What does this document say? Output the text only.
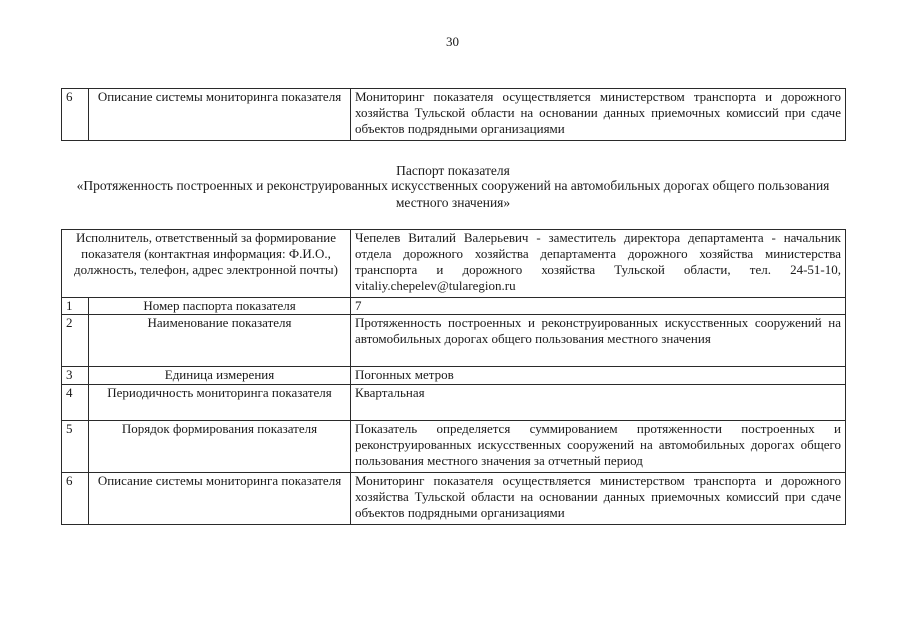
30
6	Описание системы мониторинга показателя	Мониторинг показателя осуществляется министерством транспорта и дорожного хозяйства Тульской области на основании данных приемочных комиссий при сдаче объектов подрядными организациями
Паспорт показателя
«Протяженность построенных и реконструированных искусственных сооружений на автомобильных дорогах общего пользования местного значения»
Исполнитель, ответственный за формирование показателя (контактная информация: Ф.И.О., должность, телефон, адрес электронной почты)		Чепелев Виталий Валерьевич - заместитель директора департамента - начальник отдела дорожного хозяйства департамента дорожного хозяйства министерства транспорта и дорожного хозяйства Тульской области, тел. 24-51-10, vitaliy.chepelev@tularegion.ru
1	Номер паспорта показателя	7
2	Наименование показателя	Протяженность построенных и реконструированных искусственных сооружений на автомобильных дорогах общего пользования местного значения
3	Единица измерения	Погонных метров
4	Периодичность мониторинга показателя	Квартальная
5	Порядок формирования показателя	Показатель определяется суммированием протяженности построенных и реконструированных искусственных сооружений на автомобильных дорогах общего пользования местного значения за отчетный период
6	Описание системы мониторинга показателя	Мониторинг показателя осуществляется министерством транспорта и дорожного хозяйства Тульской области на основании данных приемочных комиссий при сдаче объектов подрядными организациями
